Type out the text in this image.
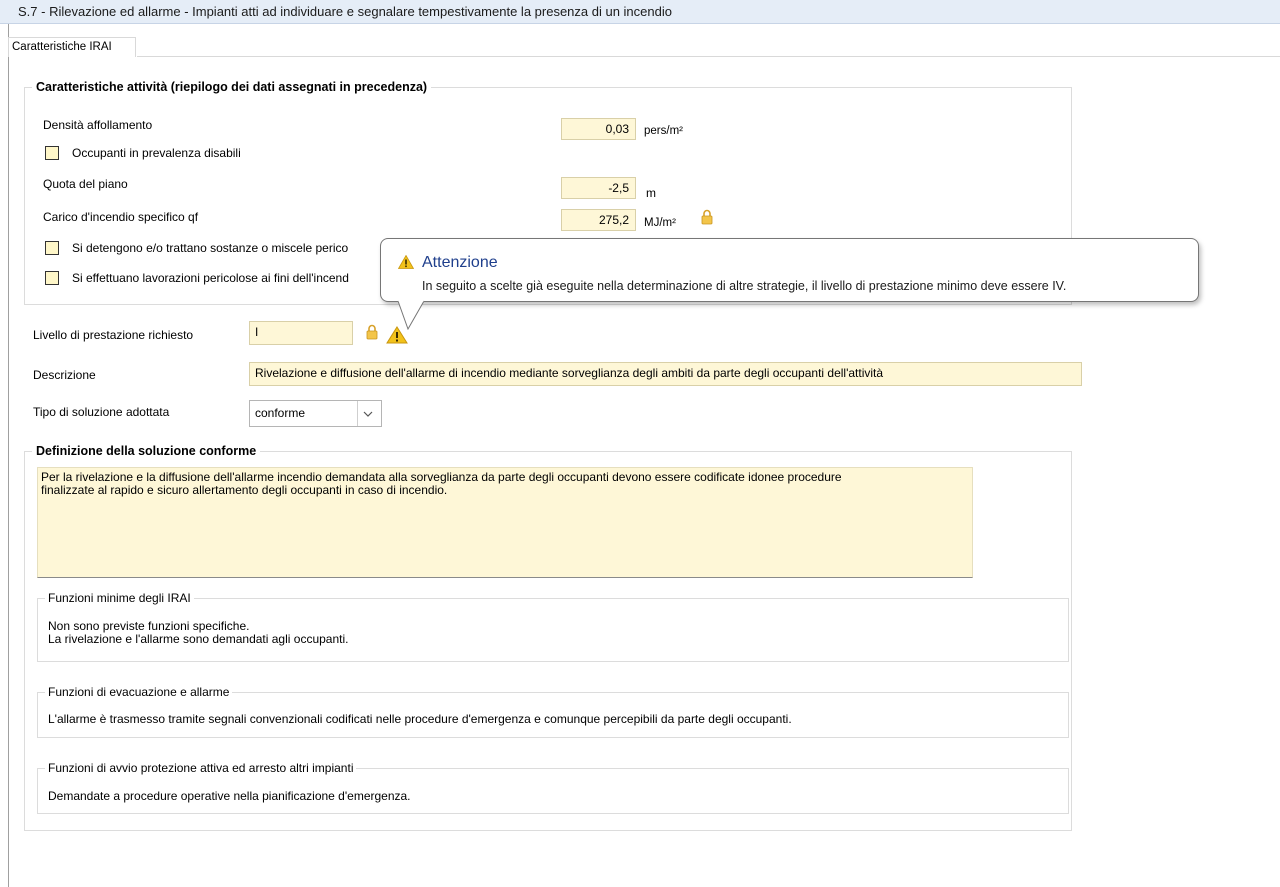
S.7 - Rilevazione ed allarme - Impianti atti ad individuare e segnalare tempestivamente la presenza di un incendio
Caratteristiche IRAI
Caratteristiche attività (riepilogo dei dati assegnati in precedenza)
Densità affollamento	0,03	pers/m²
Occupanti in prevalenza disabili
Quota del piano	-2,5	m
Carico d'incendio specifico qf	275,2	MJ/m²
Si detengono e/o trattano sostanze o miscele perico
Si effettuano lavorazioni pericolose ai fini dell'incend
Livello di prestazione richiesto	I
Descrizione	Rivelazione e diffusione dell'allarme di incendio mediante sorveglianza degli ambiti da parte degli occupanti dell'attività
Tipo di soluzione adottata	conforme
Definizione della soluzione conforme
Per la rivelazione e la diffusione dell'allarme incendio demandata alla sorveglianza da parte degli occupanti devono essere codificate idonee procedure
finalizzate al rapido e sicuro allertamento degli occupanti in caso di incendio.
Funzioni minime degli IRAI
Non sono previste funzioni specifiche.
La rivelazione e l'allarme sono demandati agli occupanti.
Funzioni di evacuazione e allarme
L'allarme è trasmesso tramite segnali convenzionali codificati nelle procedure d'emergenza e comunque percepibili da parte degli occupanti.
Funzioni di avvio protezione attiva ed arresto altri impianti
Demandate a procedure operative nella pianificazione d'emergenza.
Attenzione
In seguito a scelte già eseguite nella determinazione di altre strategie, il livello di prestazione minimo deve essere IV.
